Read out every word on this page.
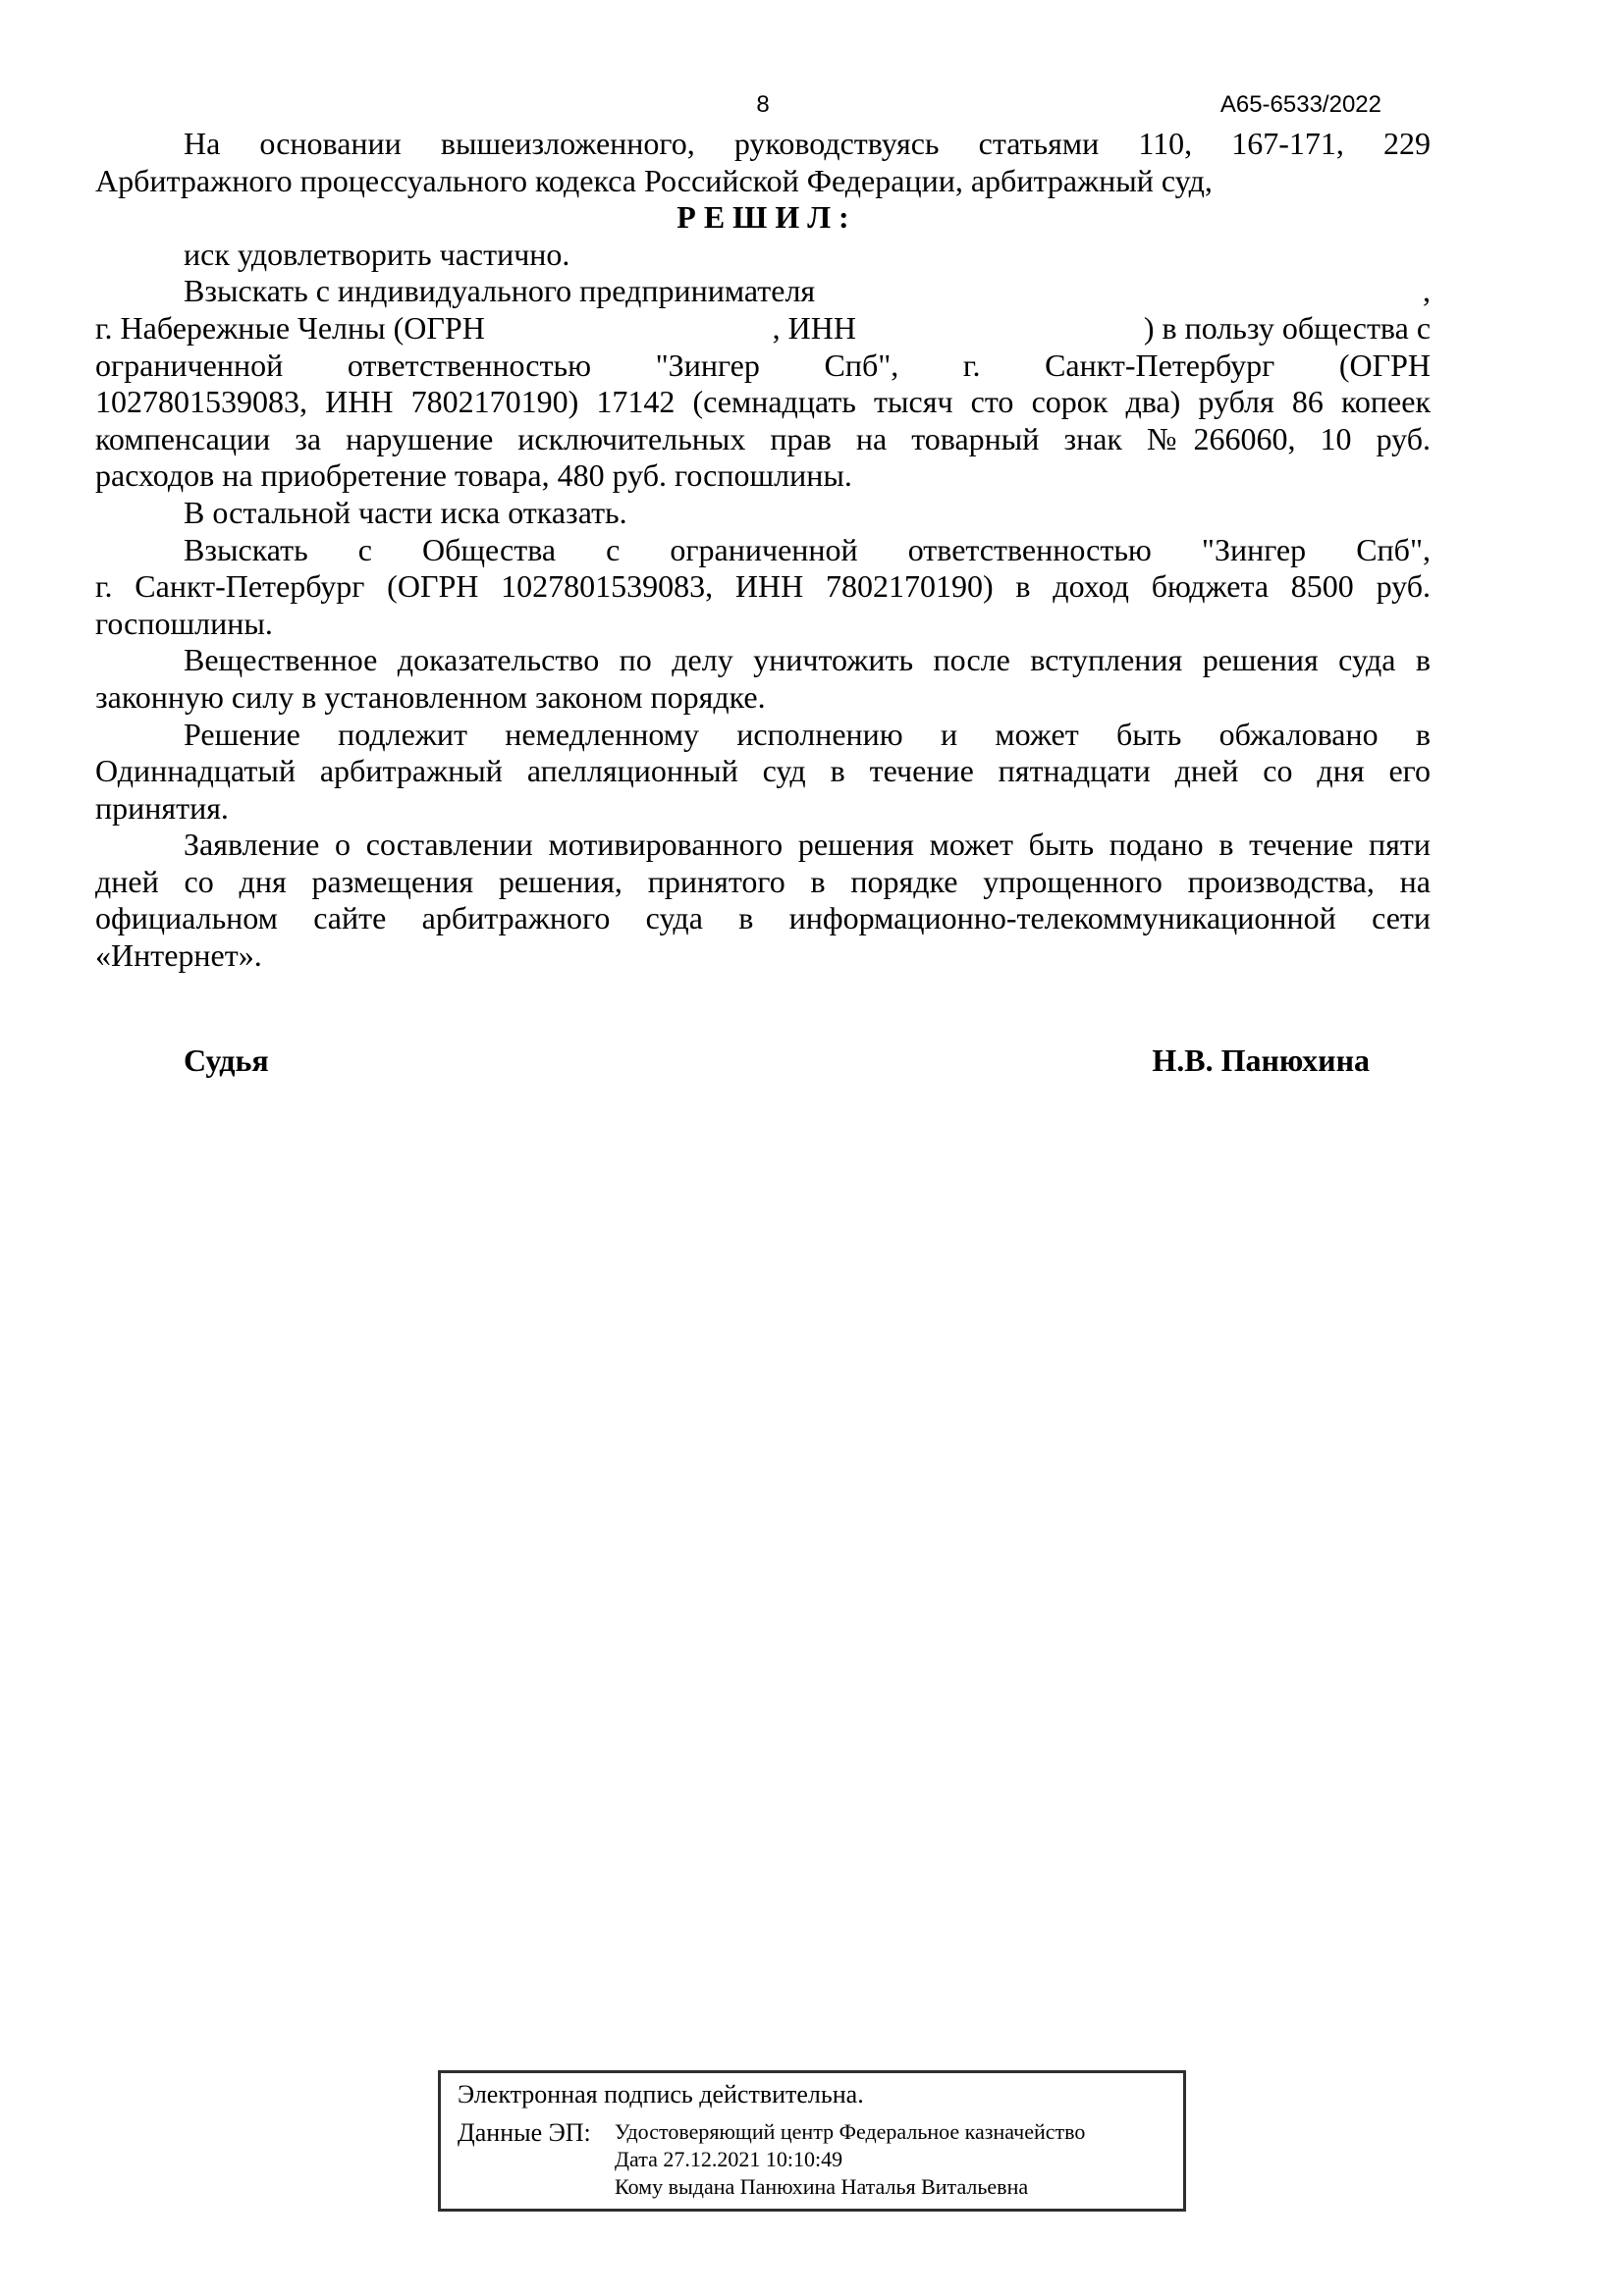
8	А65-6533/2022
На основании вышеизложенного, руководствуясь статьями 110, 167-171, 229
Арбитражного процессуального кодекса Российской Федерации, арбитражный суд,
Р Е Ш И Л :
иск удовлетворить частично.
Взыскать с индивидуального предпринимателя	,
г. Набережные Челны (ОГРН	, ИНН	) в пользу общества с
ограниченной ответственностью "Зингер Спб", г. Санкт-Петербург (ОГРН
1027801539083, ИНН 7802170190) 17142 (семнадцать тысяч сто сорок два) рубля 86 копеек
компенсации за нарушение исключительных прав на товарный знак №266060, 10 руб.
расходов на приобретение товара, 480 руб. госпошлины.
В остальной части иска отказать.
Взыскать с Общества с ограниченной ответственностью "Зингер Спб",
г. Санкт-Петербург (ОГРН 1027801539083, ИНН 7802170190) в доход бюджета 8500 руб.
госпошлины.
Вещественное доказательство по делу уничтожить после вступления решения суда в
законную силу в установленном законом порядке.
Решение подлежит немедленному исполнению и может быть обжаловано в
Одиннадцатый арбитражный апелляционный суд в течение пятнадцати дней со дня его
принятия.
Заявление о составлении мотивированного решения может быть подано в течение пяти
дней со дня размещения решения, принятого в порядке упрощенного производства, на
официальном сайте арбитражного суда в информационно-телекоммуникационной сети
«Интернет».
Судья	Н.В. Панюхина
Электронная подпись действительна.
Данные ЭП:	Удостоверяющий центр Федеральное казначейство
Дата 27.12.2021 10:10:49
Кому выдана Панюхина Наталья Витальевна
